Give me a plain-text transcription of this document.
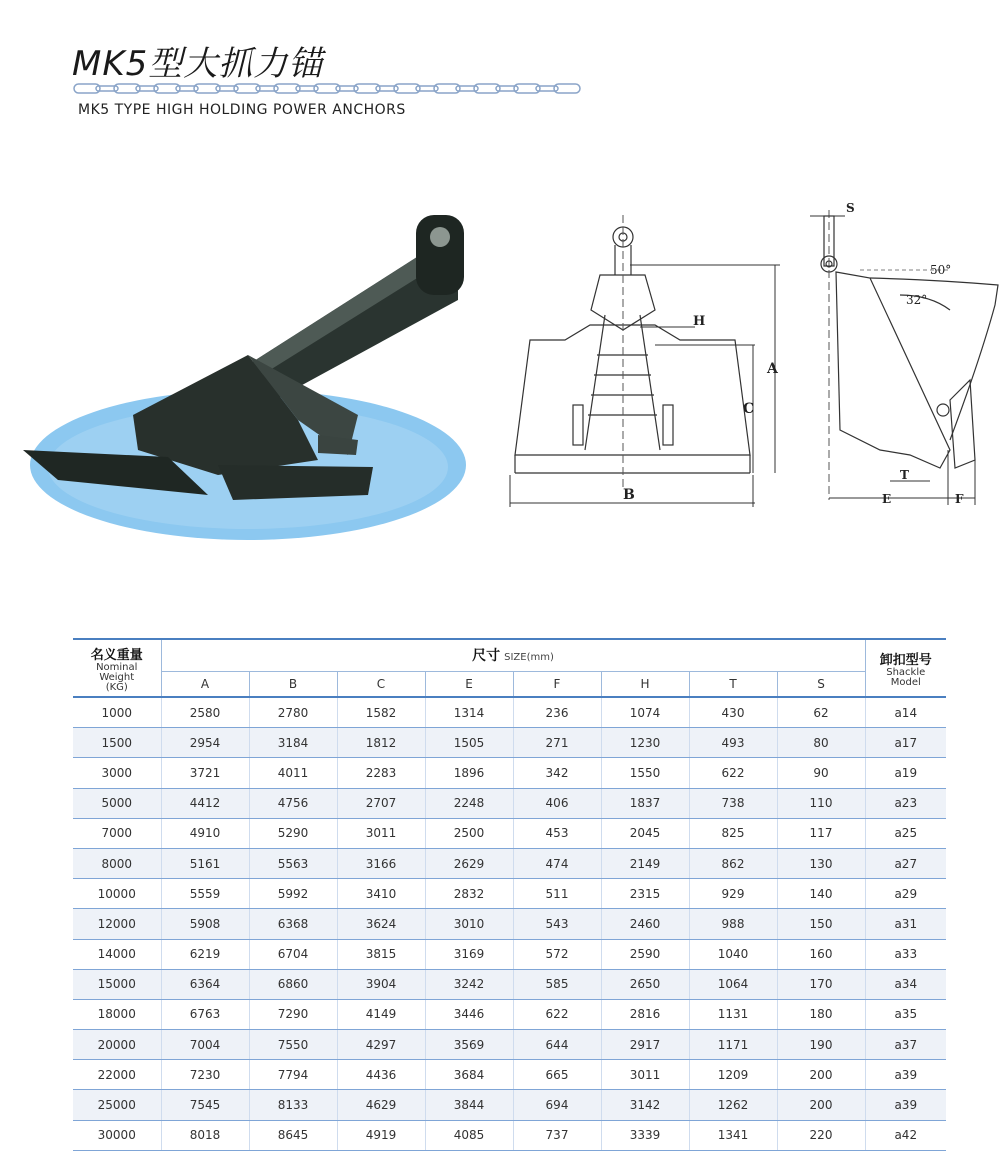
MK5型大抓力锚
MK5 TYPE HIGH HOLDING POWER ANCHORS
A
C
H
B
S
50°
32°
T
E	F
名义重量
Nominal
Weight
(KG)	尺寸 SIZE(mm)								卸扣型号
Shackle
Model

	A	B	C	E	F	H	T	S	
1000	2580	2780	1582	1314	236	1074	430	62	a14
1500	2954	3184	1812	1505	271	1230	493	80	a17
3000	3721	4011	2283	1896	342	1550	622	90	a19
5000	4412	4756	2707	2248	406	1837	738	110	a23
7000	4910	5290	3011	2500	453	2045	825	117	a25
8000	5161	5563	3166	2629	474	2149	862	130	a27
10000	5559	5992	3410	2832	511	2315	929	140	a29
12000	5908	6368	3624	3010	543	2460	988	150	a31
14000	6219	6704	3815	3169	572	2590	1040	160	a33
15000	6364	6860	3904	3242	585	2650	1064	170	a34
18000	6763	7290	4149	3446	622	2816	1131	180	a35
20000	7004	7550	4297	3569	644	2917	1171	190	a37
22000	7230	7794	4436	3684	665	3011	1209	200	a39
25000	7545	8133	4629	3844	694	3142	1262	200	a39
30000	8018	8645	4919	4085	737	3339	1341	220	a42
